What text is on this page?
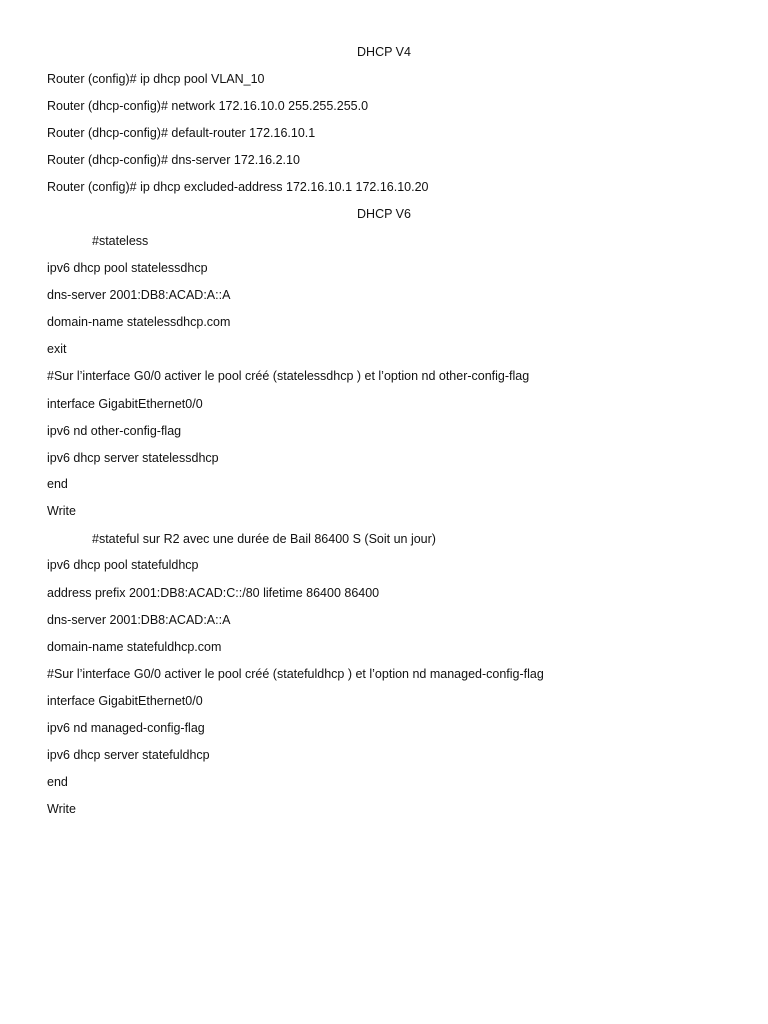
DHCP V4
Router (config)# ip dhcp pool VLAN_10
Router (dhcp-config)# network 172.16.10.0 255.255.255.0
Router (dhcp-config)# default-router 172.16.10.1
Router (dhcp-config)# dns-server 172.16.2.10
Router (config)# ip dhcp excluded-address 172.16.10.1 172.16.10.20
DHCP V6
#stateless
ipv6 dhcp pool statelessdhcp
dns-server 2001:DB8:ACAD:A::A
domain-name statelessdhcp.com
exit
#Sur l’interface G0/0 activer le pool créé (statelessdhcp ) et l’option nd other-config-flag
interface GigabitEthernet0/0
ipv6 nd other-config-flag
ipv6 dhcp server statelessdhcp
end
Write
#stateful sur R2 avec une durée de Bail 86400 S (Soit un jour)
ipv6 dhcp pool statefuldhcp
address prefix 2001:DB8:ACAD:C::/80 lifetime 86400 86400
dns-server 2001:DB8:ACAD:A::A
domain-name statefuldhcp.com
#Sur l’interface G0/0 activer le pool créé (statefuldhcp ) et l’option nd managed-config-flag
interface GigabitEthernet0/0
ipv6 nd managed-config-flag
ipv6 dhcp server statefuldhcp
end
Write
